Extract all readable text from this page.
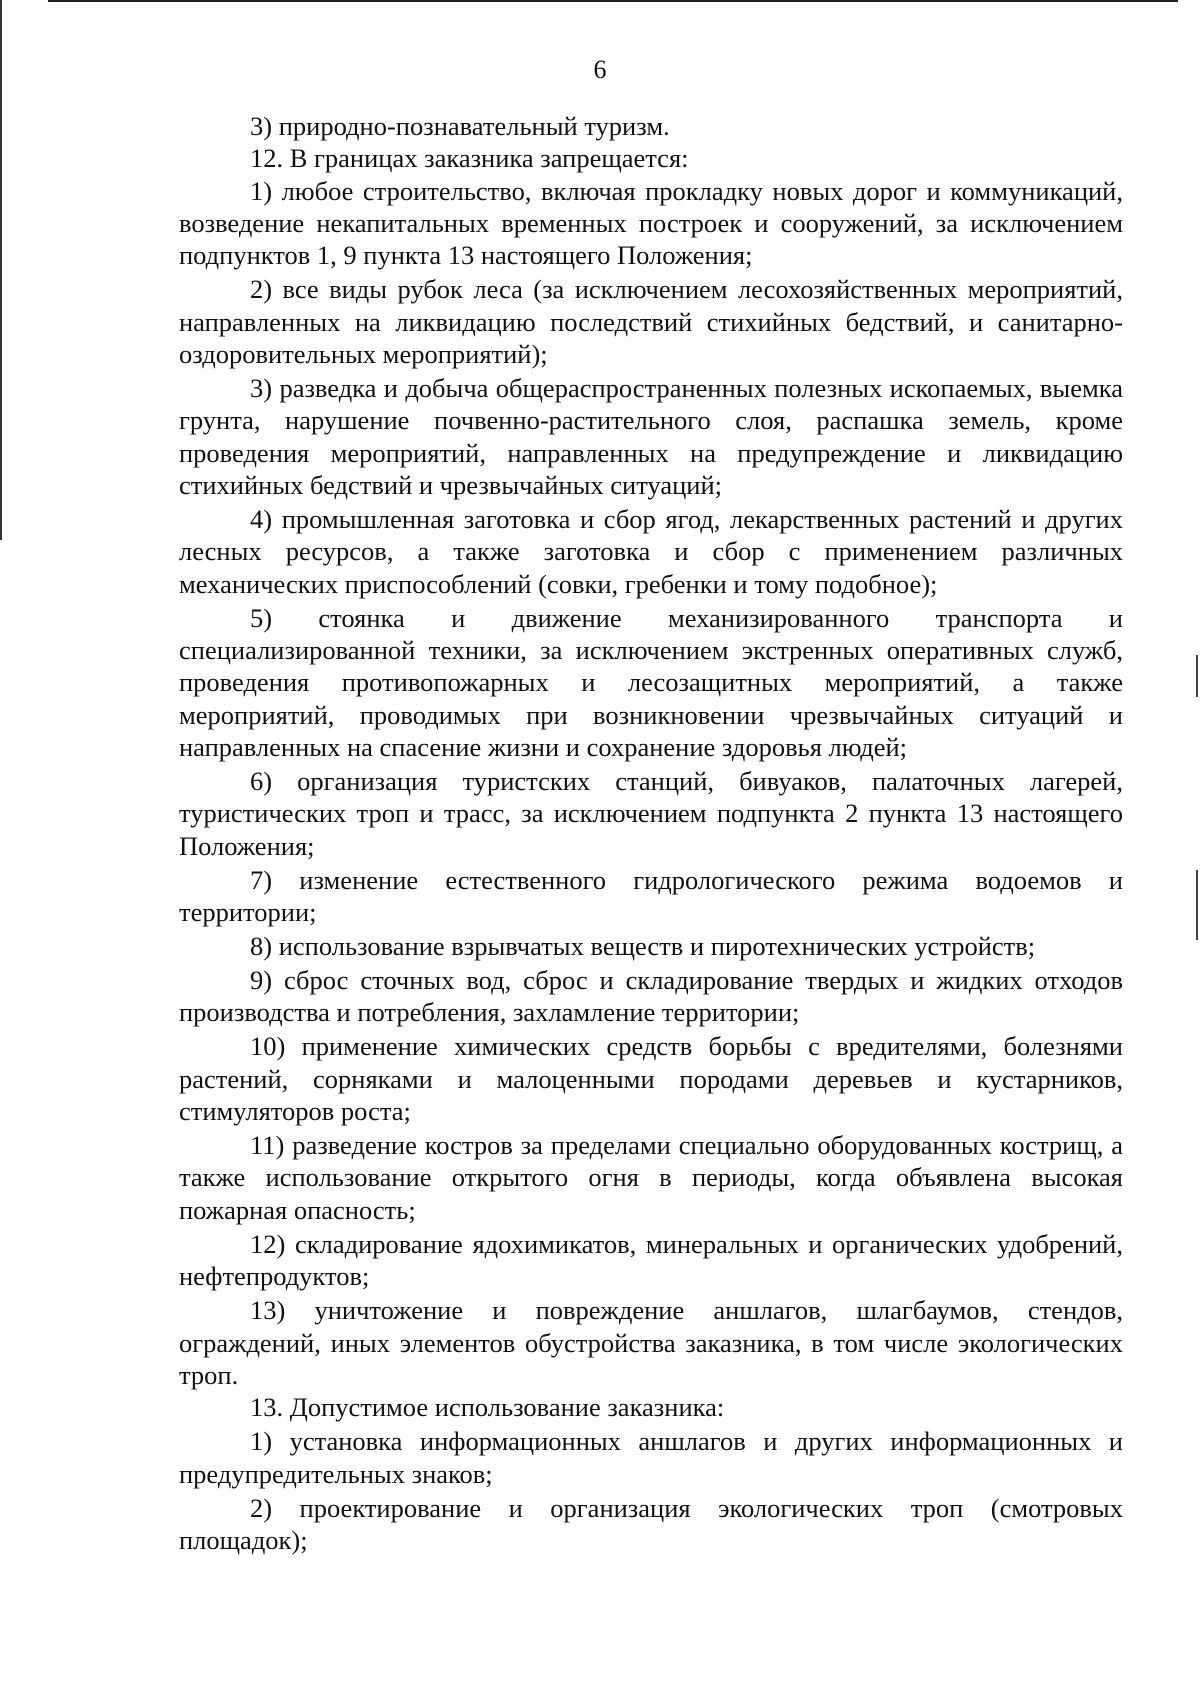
6

3) природно-познавательный туризм.

12. В границах заказника запрещается:

1) любое строительство, включая прокладку новых дорог и коммуникаций, возведение некапитальных временных построек и сооружений, за исключением подпунктов 1, 9 пункта 13 настоящего Положения;

2) все виды рубок леса (за исключением лесохозяйственных мероприятий, направленных на ликвидацию последствий стихийных бедствий, и санитарно-оздоровительных мероприятий);

3) разведка и добыча общераспространенных полезных ископаемых, выемка грунта, нарушение почвенно-растительного слоя, распашка земель, кроме проведения мероприятий, направленных на предупреждение и ликвидацию стихийных бедствий и чрезвычайных ситуаций;

4) промышленная заготовка и сбор ягод, лекарственных растений и других лесных ресурсов, а также заготовка и сбор с применением различных механических приспособлений (совки, гребенки и тому подобное);

5) стоянка и движение механизированного транспорта и специализированной техники, за исключением экстренных оперативных служб, проведения противопожарных и лесозащитных мероприятий, а также мероприятий, проводимых при возникновении чрезвычайных ситуаций и направленных на спасение жизни и сохранение здоровья людей;

6) организация туристских станций, бивуаков, палаточных лагерей, туристических троп и трасс, за исключением подпункта 2 пункта 13 настоящего Положения;

7) изменение естественного гидрологического режима водоемов и территории;

8) использование взрывчатых веществ и пиротехнических устройств;

9) сброс сточных вод, сброс и складирование твердых и жидких отходов производства и потребления, захламление территории;

10) применение химических средств борьбы с вредителями, болезнями растений, сорняками и малоценными породами деревьев и кустарников, стимуляторов роста;

11) разведение костров за пределами специально оборудованных кострищ, а также использование открытого огня в периоды, когда объявлена высокая пожарная опасность;

12) складирование ядохимикатов, минеральных и органических удобрений, нефтепродуктов;

13) уничтожение и повреждение аншлагов, шлагбаумов, стендов, ограждений, иных элементов обустройства заказника, в том числе экологических троп.

13. Допустимое использование заказника:

1) установка информационных аншлагов и других информационных и предупредительных знаков;

2) проектирование и организация экологических троп (смотровых площадок);
